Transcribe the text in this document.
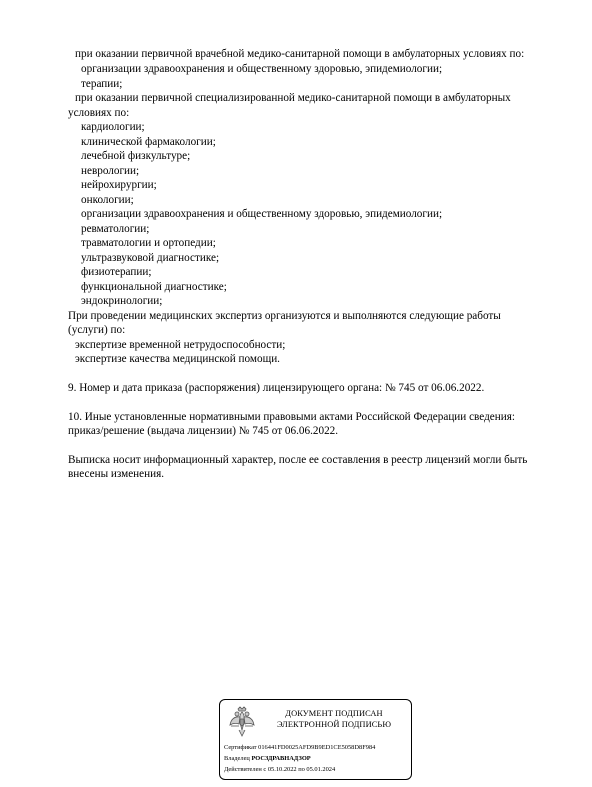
при оказании первичной врачебной медико-санитарной помощи в амбулаторных условиях по:
организации здравоохранения и общественному здоровью, эпидемиологии;
терапии;
при оказании первичной специализированной медико-санитарной помощи в амбулаторных
условиях по:
кардиологии;
клинической фармакологии;
лечебной физкультуре;
неврологии;
нейрохирургии;
онкологии;
организации здравоохранения и общественному здоровью, эпидемиологии;
ревматологии;
травматологии и ортопедии;
ультразвуковой диагностике;
физиотерапии;
функциональной диагностике;
эндокринологии;
При проведении медицинских экспертиз организуются и выполняются следующие работы
(услуги) по:
экспертизе временной нетрудоспособности;
экспертизе качества медицинской помощи.
9. Номер и дата приказа (распоряжения) лицензирующего органа: № 745 от 06.06.2022.
10. Иные установленные нормативными правовыми актами Российской Федерации сведения:
приказ/решение (выдача лицензии) № 745 от 06.06.2022.
Выписка носит информационный характер, после ее составления в реестр лицензий могли быть
внесены изменения.
ДОКУМЕНТ ПОДПИСАН
ЭЛЕКТРОННОЙ ПОДПИСЬЮ
Сертификат 016441FD0025AFD9B9ED1CE5058D8F984
Владелец РОСЗДРАВНАДЗОР
Действителен с 05.10.2022 по 05.01.2024
